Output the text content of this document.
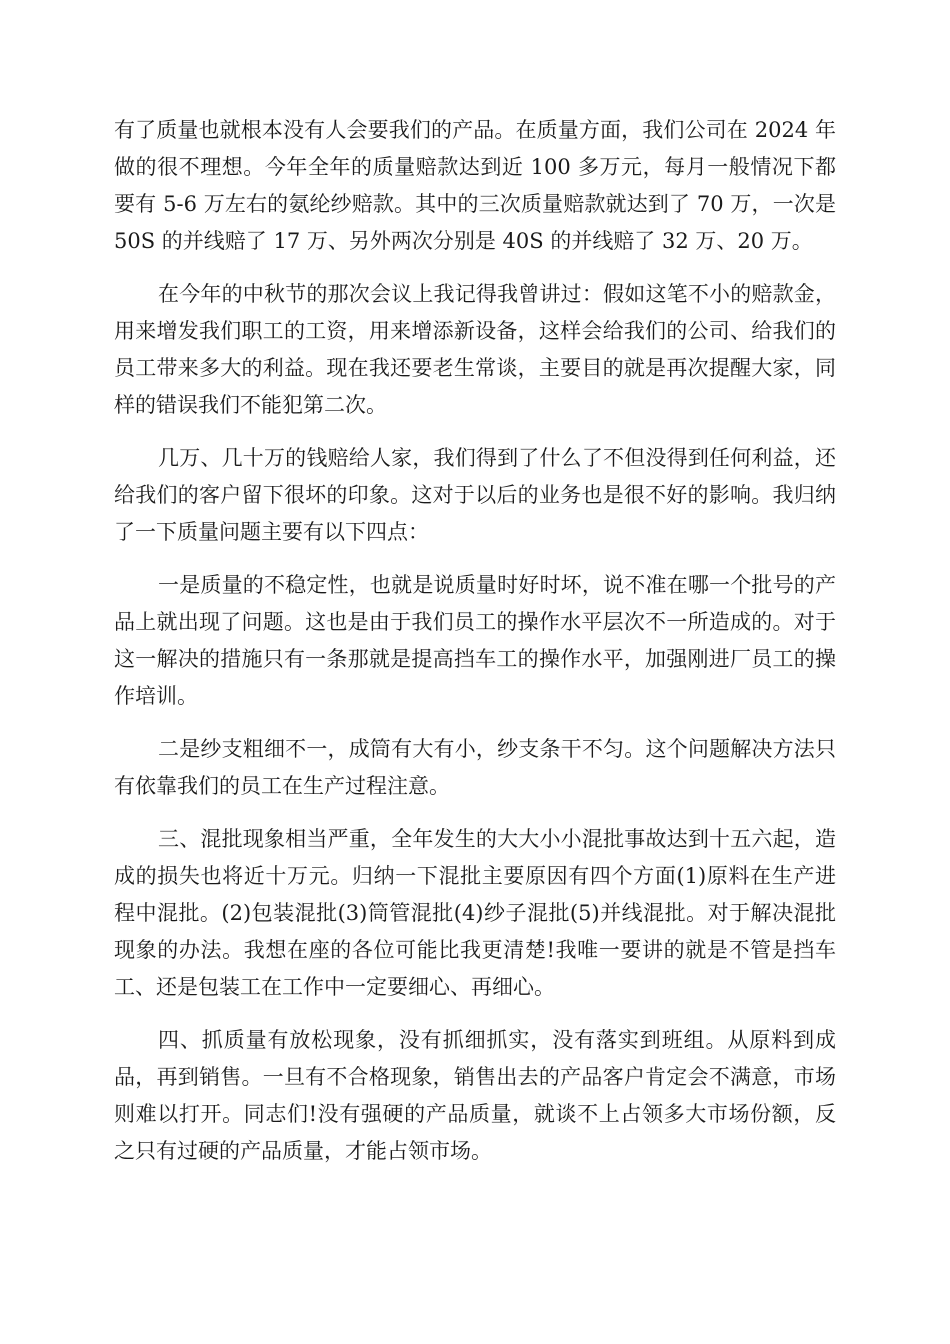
有了质量也就根本没有人会要我们的产品。在质量方面，我们公司在 2024 年做的很不理想。今年全年的质量赔款达到近 100 多万元，每月一般情况下都要有 5-6 万左右的氨纶纱赔款。其中的三次质量赔款就达到了 70 万，一次是 50S 的并线赔了 17 万、另外两次分别是 40S 的并线赔了 32 万、20 万。

在今年的中秋节的那次会议上我记得我曾讲过：假如这笔不小的赔款金，用来增发我们职工的工资，用来增添新设备，这样会给我们的公司、给我们的员工带来多大的利益。现在我还要老生常谈，主要目的就是再次提醒大家，同样的错误我们不能犯第二次。

几万、几十万的钱赔给人家，我们得到了什么了不但没得到任何利益，还给我们的客户留下很坏的印象。这对于以后的业务也是很不好的影响。我归纳了一下质量问题主要有以下四点：

一是质量的不稳定性，也就是说质量时好时坏，说不准在哪一个批号的产品上就出现了问题。这也是由于我们员工的操作水平层次不一所造成的。对于这一解决的措施只有一条那就是提高挡车工的操作水平，加强刚进厂员工的操作培训。

二是纱支粗细不一，成筒有大有小，纱支条干不匀。这个问题解决方法只有依靠我们的员工在生产过程注意。

三、混批现象相当严重，全年发生的大大小小混批事故达到十五六起，造成的损失也将近十万元。归纳一下混批主要原因有四个方面(1)原料在生产进程中混批。(2)包装混批(3)筒管混批(4)纱子混批(5)并线混批。对于解决混批现象的办法。我想在座的各位可能比我更清楚!我唯一要讲的就是不管是挡车工、还是包装工在工作中一定要细心、再细心。

四、抓质量有放松现象，没有抓细抓实，没有落实到班组。从原料到成品，再到销售。一旦有不合格现象，销售出去的产品客户肯定会不满意，市场则难以打开。同志们!没有强硬的产品质量，就谈不上占领多大市场份额，反之只有过硬的产品质量，才能占领市场。
